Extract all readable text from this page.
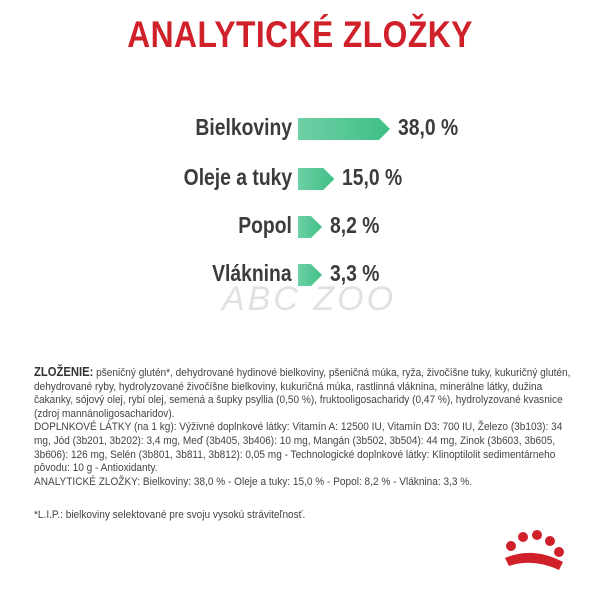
ANALYTICKÉ ZLOŽKY
Bielkoviny	38,0 %
Oleje a tuky 15,0 %
Popol 8,2 %
Vláknina 3,3 %
ABC ZOO

ZLOŽENIE: pšeničný glutén*, dehydrované hydinové bielkoviny, pšeničná múka, ryža, živočíšne tuky, kukuričný glutén, dehydrované ryby, hydrolyzované živočíšne bielkoviny, kukuričná múka, rastlinná vláknina, minerálne látky, dužina čakanky, sójový olej, rybí olej, semená a šupky psyllia (0,50 %), fruktooligosacharidy (0,47 %), hydrolyzované kvasnice (zdroj mannánoligosacharidov).

DOPLNKOVÉ LÁTKY (na 1 kg): Výživné doplnkové látky: Vitamín A: 12500 IU, Vitamín D3: 700 IU, Železo (3b103): 34 mg, Jód (3b201, 3b202): 3,4 mg, Meď (3b405, 3b406): 10 mg, Mangán (3b502, 3b504): 44 mg, Zinok (3b603, 3b605, 3b606): 126 mg, Selén (3b801, 3b811, 3b812): 0,05 mg - Technologické doplnkové látky: Klinoptilolit sedimentárneho pôvodu: 10 g - Antioxidanty.

ANALYTICKÉ ZLOŽKY: Bielkoviny: 38,0 % - Oleje a tuky: 15,0 % - Popol: 8,2 % - Vláknina: 3,3 %.

*L.I.P.: bielkoviny selektované pre svoju vysokú stráviteľnosť.
